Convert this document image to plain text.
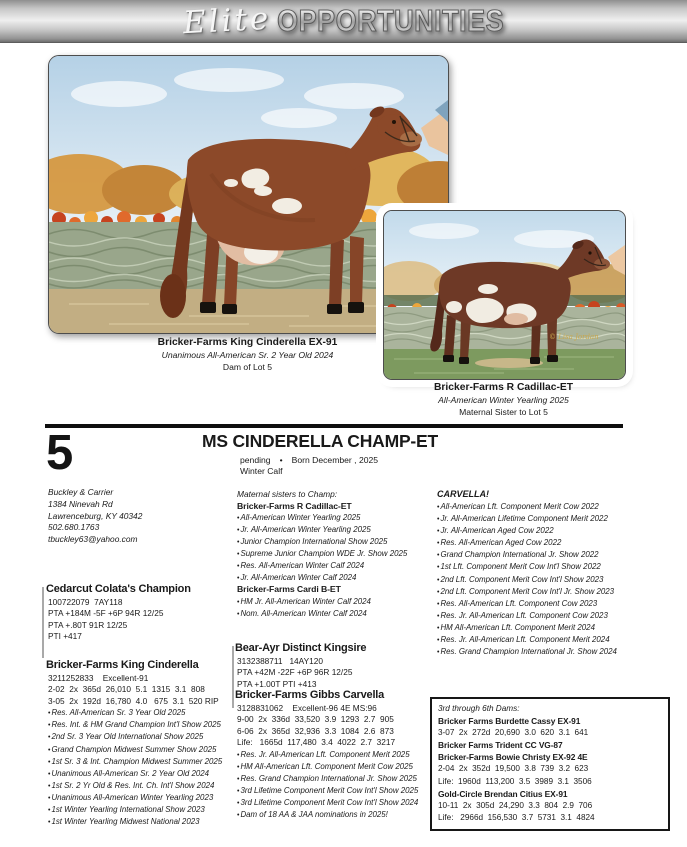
Elite OPPORTUNITIES
Bricker-Farms King Cinderella EX-91
Unanimous All-American Sr. 2 Year Old 2024
Dam of Lot 5
© Lisa Jordan
Bricker-Farms R Cadillac-ET
All-American Winter Yearling 2025
Maternal Sister to Lot 5
5	MS CINDERELLA CHAMP-ET
pending • Born December , 2025
Winter Calf
Buckley & Carrier
1384 Ninevah Rd
Lawrenceburg, KY 40342
502.680.1763
tbuckley63@yahoo.com
Cedarcut Colata's Champion
100722079  7AY118
PTA +184M -5F +6P 94R 12/25
PTA +.80T 91R 12/25
PTI +417
Bricker-Farms King Cinderella
3211252833    Excellent-91
2-02  2x  365d  26,010  5.1  1315  3.1  808
3-05  2x  192d  16,780  4.0   675  3.1  520 RIP
• Res. All-American Sr. 3 Year Old 2025
• Res. Int. & HM Grand Champion Int'l Show 2025
• 2nd Sr. 3 Year Old International Show 2025
• Grand Champion Midwest Summer Show 2025
• 1st Sr. 3 & Int. Champion Midwest Summer 2025
• Unanimous All-American Sr. 2 Year Old 2024
• 1st Sr. 2 Yr Old & Res. Int. Ch. Int'l Show 2024
• Unanimous All-American Winter Yearling 2023
• 1st Winter Yearling International Show 2023
• 1st Winter Yearling Midwest National 2023
Maternal sisters to Champ:
Bricker-Farms R Cadillac-ET
• All-American Winter Yearling 2025
• Jr. All-American Winter Yearling 2025
• Junior Champion International Show 2025
• Supreme Junior Champion WDE Jr. Show 2025
• Res. All-American Winter Calf 2024
• Jr. All-American Winter Calf 2024
Bricker-Farms Cardi B-ET
• HM Jr. All-American Winter Calf 2024
• Nom. All-American Winter Calf 2024
Bear-Ayr Distinct Kingsire
3132388711   14AY120
PTA +42M -22F +6P 96R 12/25
PTA +1.00T PTI +413
Bricker-Farms Gibbs Carvella
3128831062    Excellent-96 4E MS:96
9-00  2x  336d  33,520  3.9  1293  2.7  905
6-06  2x  365d  32,936  3.3  1084  2.6  873
Life:   1665d  117,480  3.4  4022  2.7  3217
• Res. Jr. All-American Lft. Component Merit 2025
• HM All-American Lft. Component Merit Cow 2025
• Res. Grand Champion International Jr. Show 2025
• 3rd Lifetime Component Merit Cow Int'l Show 2025
• 3rd Lifetime Component Merit Cow Int'l Show 2024
• Dam of 18 AA & JAA nominations in 2025!
CARVELLA!
• All-American Lft. Component Merit Cow 2022
• Jr. All-American Lifetime Component Merit 2022
• Jr. All-American Aged Cow 2022
• Res. All-American Aged Cow 2022
• Grand Champion International Jr. Show 2022
• 1st Lft. Component Merit Cow Int'l Show 2022
• 2nd Lft. Component Merit Cow Int'l Show 2023
• 2nd Lft. Component Merit Cow Int'l Jr. Show 2023
• Res. All-American Lft. Component Cow 2023
• Res. Jr. All-American Lft. Component Cow 2023
• HM All-American Lft. Component Merit 2024
• Res. Jr. All-American Lft. Component Merit 2024
• Res. Grand Champion International Jr. Show 2024
3rd through 6th Dams:
Bricker Farms Burdette Cassy EX-91
3-07  2x  272d  20,690  3.0  620  3.1  641
Bricker Farms Trident CC VG-87
Bricker-Farms Bowie Christy EX-92 4E
2-04  2x  352d  19,500  3.8  739  3.2  623
Life:  1960d  113,200  3.5  3989  3.1  3506
Gold-Circle Brendan Citius EX-91
10-11  2x  305d  24,290  3.3  804  2.9  706
Life:   2966d  156,530  3.7  5731  3.1  4824
